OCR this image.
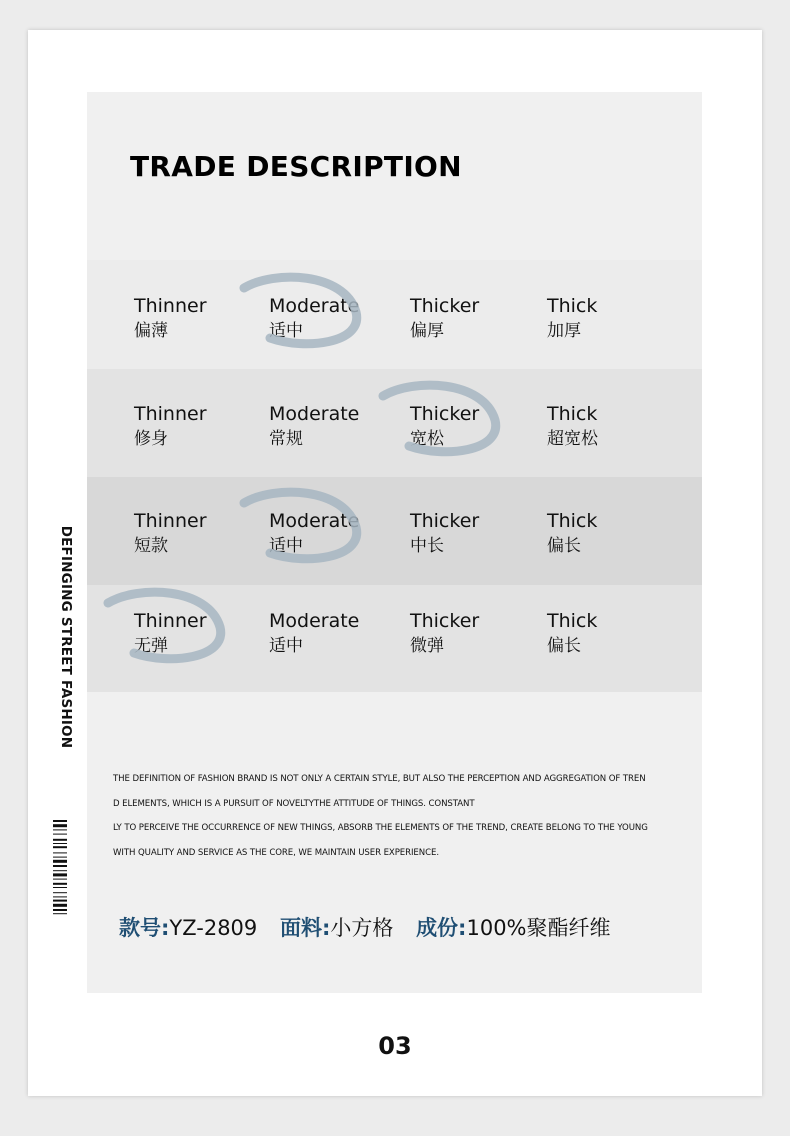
TRADE DESCRIPTION
Thinner
偏薄
Moderate
适中
Thicker
偏厚
Thick
加厚
Thinner
修身
Moderate
常规
Thicker
宽松
Thick
超宽松
Thinner
短款
Moderate
适中
Thicker
中长
Thick
偏长
Thinner
无弹
Moderate
适中
Thicker
微弹
Thick
偏长
DEFINGING STREET FASHION

THE DEFINITION OF FASHION BRAND IS NOT ONLY A CERTAIN STYLE, BUT ALSO THE PERCEPTION AND AGGREGATION OF TREN

D ELEMENTS, WHICH IS A PURSUIT OF NOVELTYTHE ATTITUDE OF THINGS. CONSTANT

LY TO PERCEIVE THE OCCURRENCE OF NEW THINGS, ABSORB THE ELEMENTS OF THE TREND, CREATE BELONG TO THE YOUNG

WITH QUALITY AND SERVICE AS THE CORE, WE MAINTAIN USER EXPERIENCE.

款号:YZ-2809 面料:小方格 成份:100%聚酯纤维
03
